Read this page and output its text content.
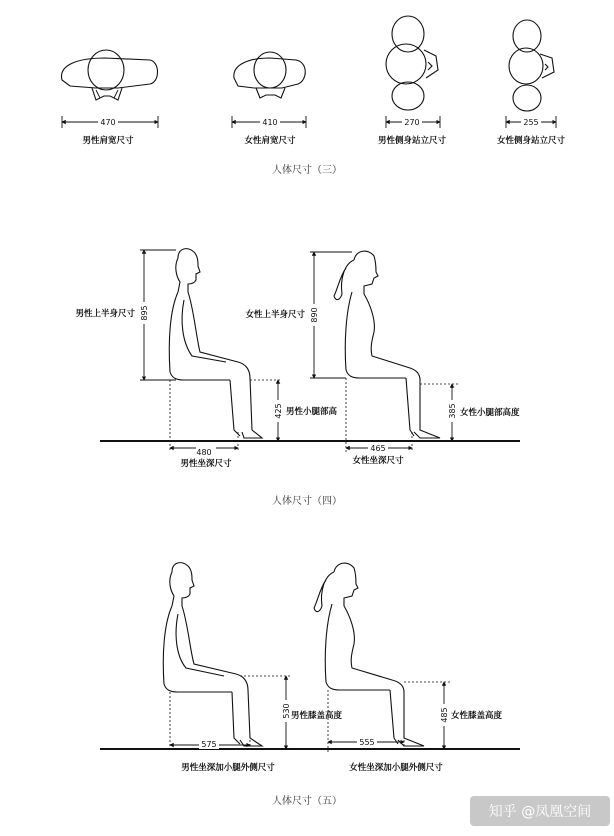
470	410	270	255
男性肩宽尺寸	女性肩宽尺寸	男性侧身站立尺寸	女性侧身站立尺寸
人体尺寸（三）
895
男性上半身尺寸
425 男性小腿部高
480
男性坐深尺寸
890
女性上半身尺寸
385 女性小腿部高度
465
女性坐深尺寸
人体尺寸（四）
530 男性膝盖高度
575
男性坐深加小腿外侧尺寸
485 女性膝盖高度
555
女性坐深加小腿外侧尺寸
人体尺寸（五）
知乎 @凤凰空间
